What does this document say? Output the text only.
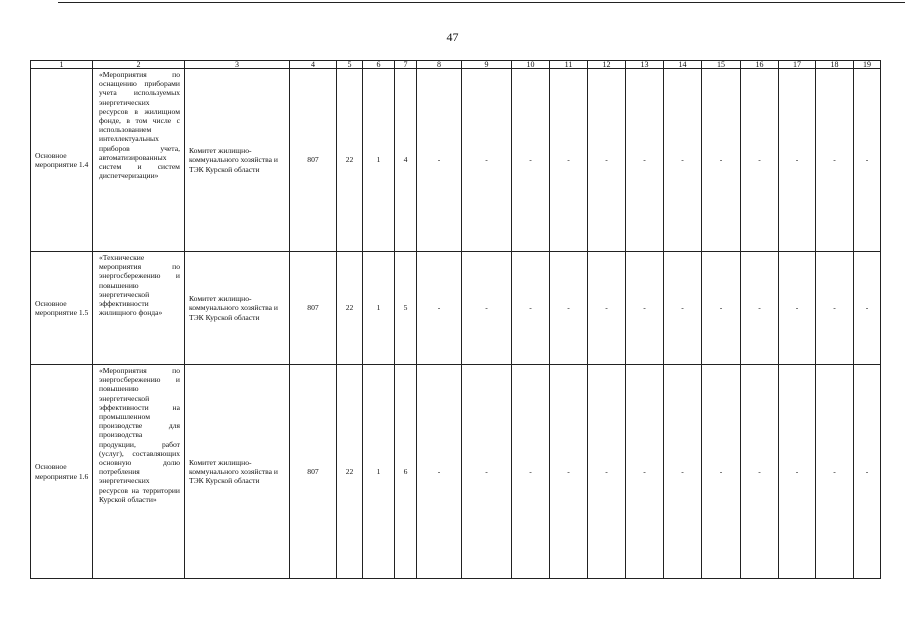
47
1	2	3	4	5	6	7	8	9	10	11	12	13	14	15	16	17	18	19
Основное мероприятие 1.4	«Мероприятия по оснащению приборами учета используемых энергетических ресурсов в жилищном фонде, в том числе с использованием интеллектуальных приборов учета, автоматизированных систем и систем диспетчеризации»	Комитет жилищно-коммунального хозяйства и ТЭК Курской области	807	22	1	4	-	-	-	-	-	-	-	-	-	-	-	-
Основное мероприятие 1.5	«Технические мероприятия по энергосбережению и повышению энергетической эффективности жилищного фонда»	Комитет жилищно-коммунального хозяйства и ТЭК Курской области	807	22	1	5	-	-	-	-	-	-	-	-	-	-	-	-
Основное мероприятие 1.6	«Мероприятия по энергосбережению и повышению энергетической эффективности на промышленном производстве для производства продукции, работ (услуг), составляющих основную долю потребления энергетических ресурсов на территории Курской области»	Комитет жилищно-коммунального хозяйства и ТЭК Курской области	807	22	1	6	-	-	-	-	-	-	-	-	-	-	-	-
